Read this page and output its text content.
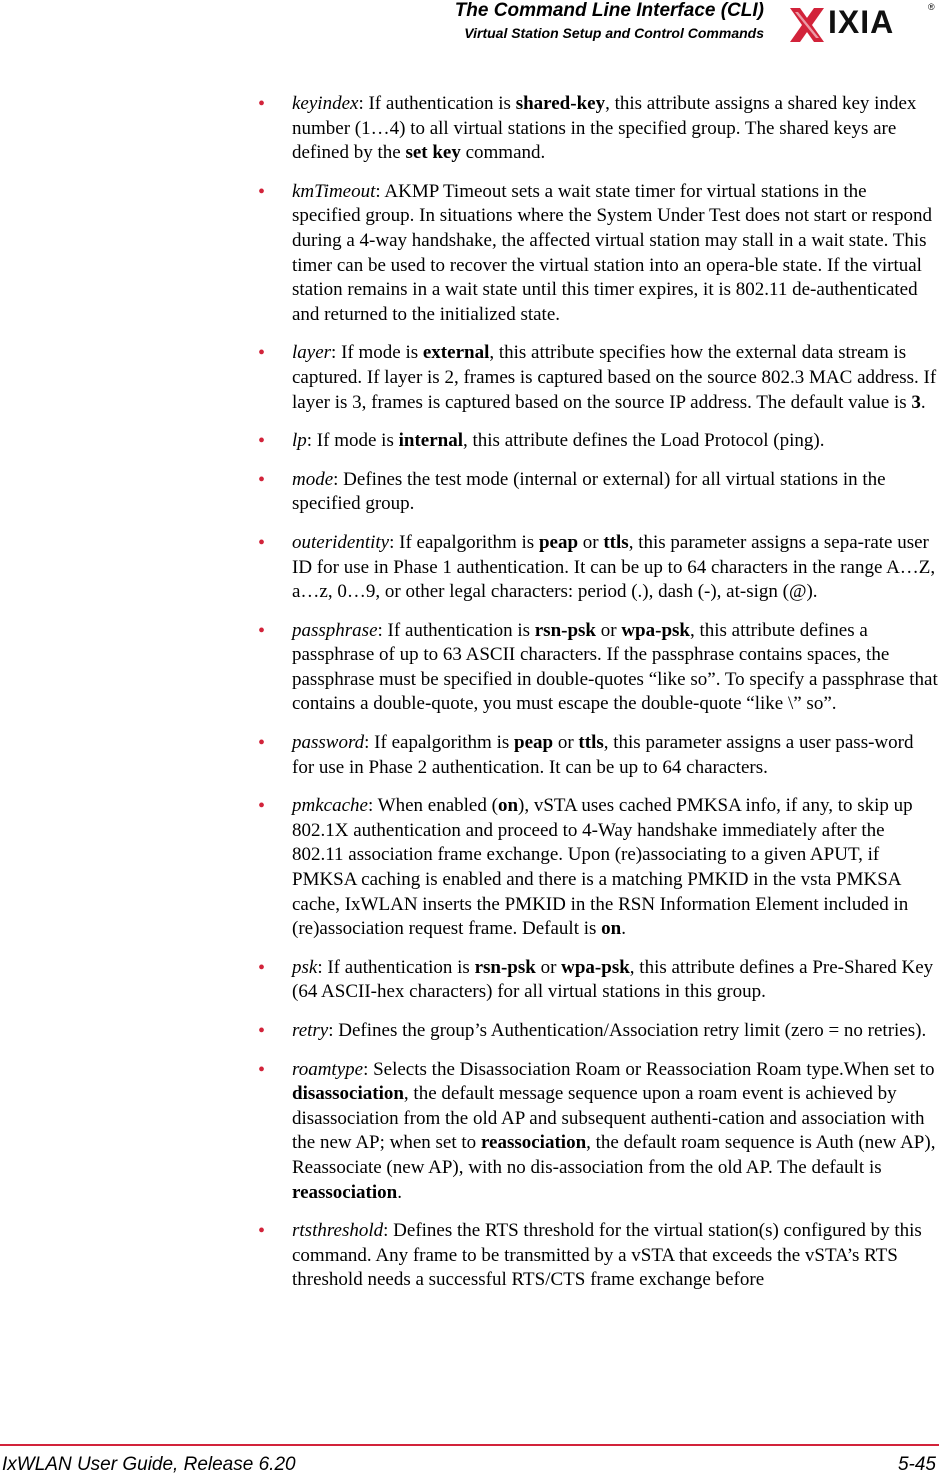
The Command Line Interface (CLI)
Virtual Station Setup and Control Commands IXIA	®
• keyindex: If authentication is shared-key, this attribute assigns a shared key index number (1…4) to all virtual stations in the specified group. The shared keys are defined by the set key command.
• kmTimeout: AKMP Timeout sets a wait state timer for virtual stations in the specified group. In situations where the System Under Test does not start or respond during a 4-way handshake, the affected virtual station may stall in a wait state. This timer can be used to recover the virtual station into an opera-ble state. If the virtual station remains in a wait state until this timer expires, it is 802.11 de-authenticated and returned to the initialized state.
• layer: If mode is external, this attribute specifies how the external data stream is captured. If layer is 2, frames is captured based on the source 802.3 MAC address. If layer is 3, frames is captured based on the source IP address. The default value is 3.
• lp: If mode is internal, this attribute defines the Load Protocol (ping).
• mode: Defines the test mode (internal or external) for all virtual stations in the specified group.
• outeridentity: If eapalgorithm is peap or ttls, this parameter assigns a sepa-rate user ID for use in Phase 1 authentication. It can be up to 64 characters in the range A…Z, a…z, 0…9, or other legal characters: period (.), dash (-), at-sign (@).
• passphrase: If authentication is rsn-psk or wpa-psk, this attribute defines a passphrase of up to 63 ASCII characters. If the passphrase contains spaces, the passphrase must be specified in double-quotes “like so”. To specify a passphrase that contains a double-quote, you must escape the double-quote “like \” so”.
• password: If eapalgorithm is peap or ttls, this parameter assigns a user pass-word for use in Phase 2 authentication. It can be up to 64 characters.
• pmkcache: When enabled (on), vSTA uses cached PMKSA info, if any, to skip up 802.1X authentication and proceed to 4-Way handshake immediately after the 802.11 association frame exchange. Upon (re)associating to a given APUT, if PMKSA caching is enabled and there is a matching PMKID in the vsta PMKSA cache, IxWLAN inserts the PMKID in the RSN Information Element included in (re)association request frame. Default is on.
• psk: If authentication is rsn-psk or wpa-psk, this attribute defines a Pre-Shared Key (64 ASCII-hex characters) for all virtual stations in this group.
• retry: Defines the group’s Authentication/Association retry limit (zero = no retries).
• roamtype: Selects the Disassociation Roam or Reassociation Roam type.When set to disassociation, the default message sequence upon a roam event is achieved by disassociation from the old AP and subsequent authenti-cation and association with the new AP; when set to reassociation, the default roam sequence is Auth (new AP), Reassociate (new AP), with no dis-association from the old AP. The default is reassociation.
• rtsthreshold: Defines the RTS threshold for the virtual station(s) configured by this command. Any frame to be transmitted by a vSTA that exceeds the vSTA’s RTS threshold needs a successful RTS/CTS frame exchange before
IxWLAN User Guide, Release 6.20	5-45
